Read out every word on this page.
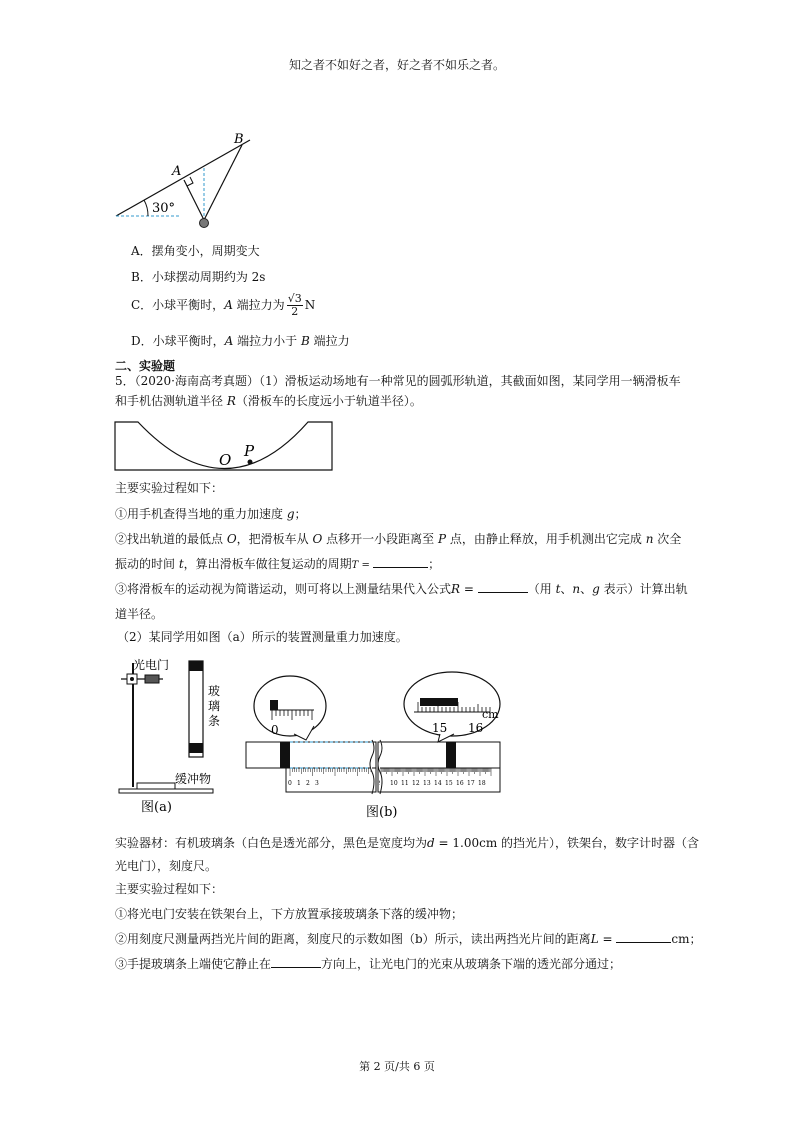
知之者不如好之者，好之者不如乐之者。
A
B
30°
A．摆角变小，周期变大
B．小球摆动周期约为 2s
C．小球平衡时，A 端拉力为 $\frac{√3}{2}$ N
D．小球平衡时，A 端拉力小于 B 端拉力
二、实验题
5．（2020·海南高考真题）（1）滑板运动场地有一种常见的圆弧形轨道，其截面如图，某同学用一辆滑板车
和手机估测轨道半径 R（滑板车的长度远小于轨道半径）。
O P
主要实验过程如下：
①用手机查得当地的重力加速度 g；
②找出轨道的最低点 O，把滑板车从 O 点移开一小段距离至 P 点，由静止释放，用手机测出它完成 n 次全
振动的时间 t，算出滑板车做往复运动的周期T =	；
③将滑板车的运动视为简谐运动，则可将以上测量结果代入公式R =	（用 t、n、g 表示）计算出轨
道半径。
（2）某同学用如图（a）所示的装置测量重力加速度。
光电门
玻
璃
条
缓冲物
图(a)
0 1 2 3	10 11 12 13 14 15 16 17 18
0	15 16
cm
图(b)
实验器材：有机玻璃条（白色是透光部分，黑色是宽度均为d = 1.00cm 的挡光片），铁架台，数字计时器（含
光电门），刻度尺。
主要实验过程如下：
①将光电门安装在铁架台上，下方放置承接玻璃条下落的缓冲物；
②用刻度尺测量两挡光片间的距离，刻度尺的示数如图（b）所示，读出两挡光片间的距离L =	cm；
③手提玻璃条上端使它静止在	方向上，让光电门的光束从玻璃条下端的透光部分通过；
第 2 页/共 6 页
